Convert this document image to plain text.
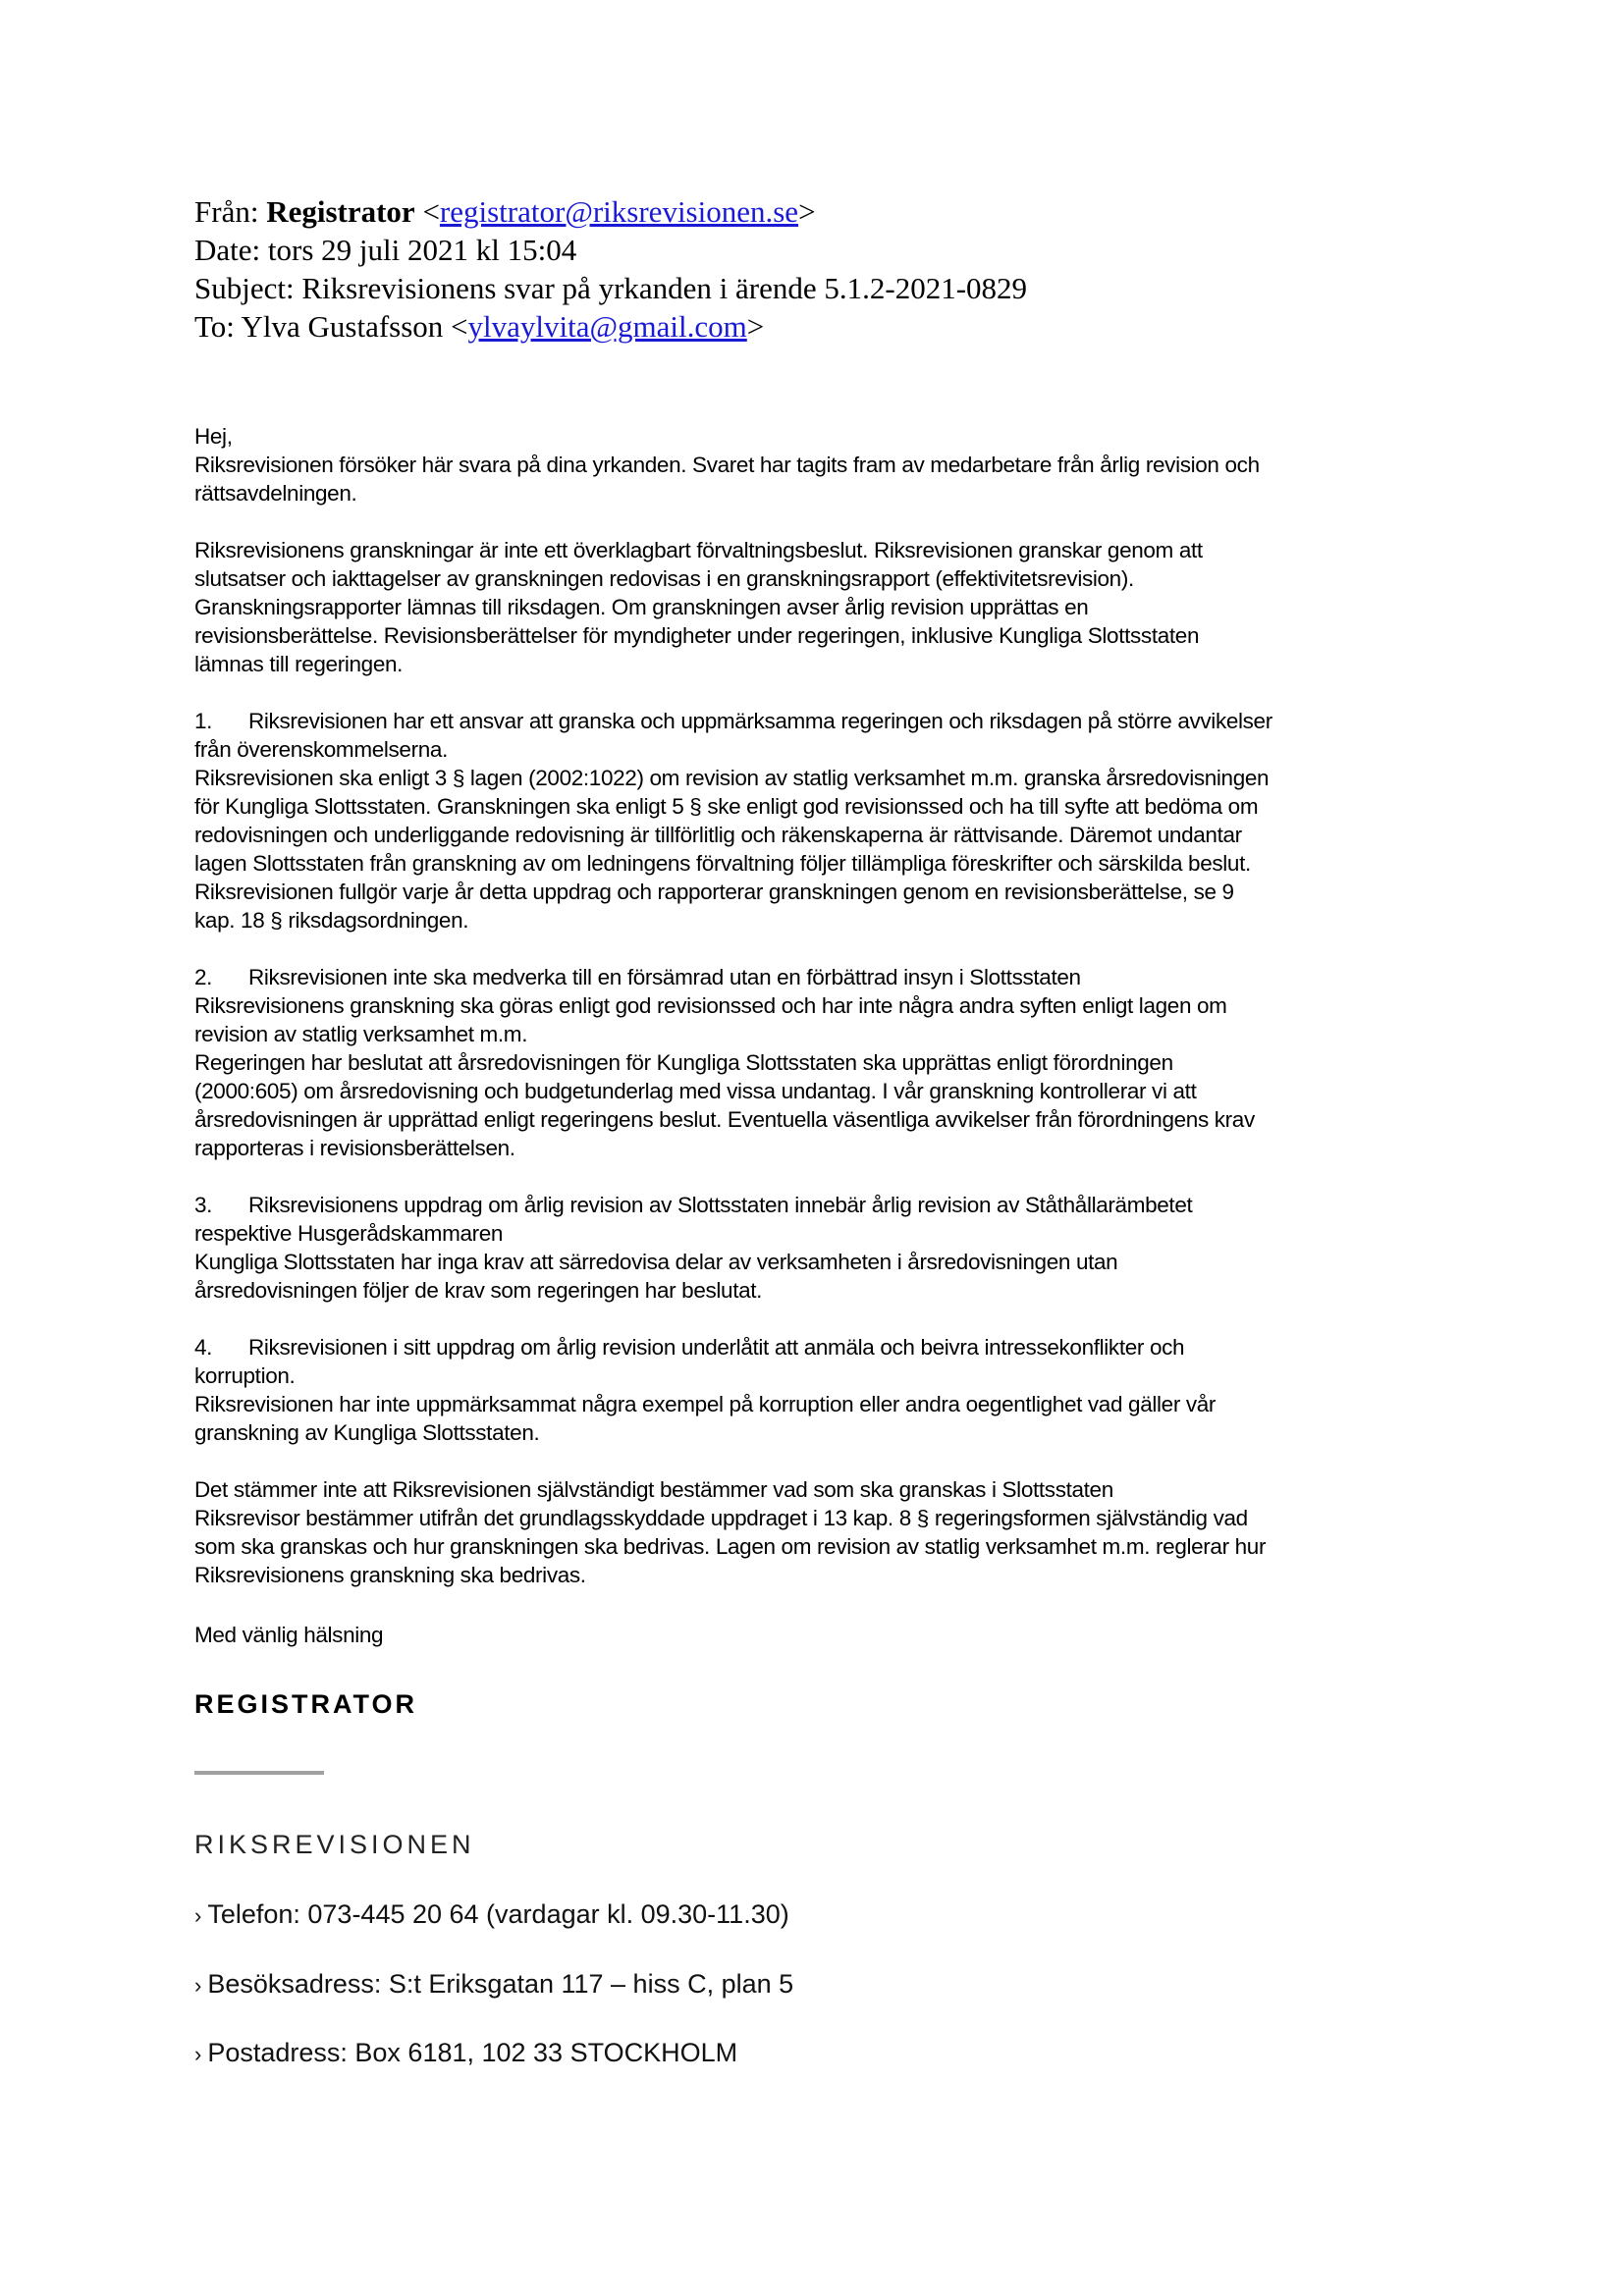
Från: Registrator <registrator@riksrevisionen.se>
Date: tors 29 juli 2021 kl 15:04
Subject: Riksrevisionens svar på yrkanden i ärende 5.1.2-2021-0829
To: Ylva Gustafsson <ylvaylvita@gmail.com>
Hej,
Riksrevisionen försöker här svara på dina yrkanden. Svaret har tagits fram av medarbetare från årlig revision och
rättsavdelningen.
Riksrevisionens granskningar är inte ett överklagbart förvaltningsbeslut. Riksrevisionen granskar genom att
slutsatser och iakttagelser av granskningen redovisas i en granskningsrapport (effektivitetsrevision).
Granskningsrapporter lämnas till riksdagen. Om granskningen avser årlig revision upprättas en
revisionsberättelse. Revisionsberättelser för myndigheter under regeringen, inklusive Kungliga Slottsstaten
lämnas till regeringen.
1. Riksrevisionen har ett ansvar att granska och uppmärksamma regeringen och riksdagen på större avvikelser
från överenskommelserna.
Riksrevisionen ska enligt 3 § lagen (2002:1022) om revision av statlig verksamhet m.m. granska årsredovisningen
för Kungliga Slottsstaten. Granskningen ska enligt 5 § ske enligt god revisionssed och ha till syfte att bedöma om
redovisningen och underliggande redovisning är tillförlitlig och räkenskaperna är rättvisande. Däremot undantar
lagen Slottsstaten från granskning av om ledningens förvaltning följer tillämpliga föreskrifter och särskilda beslut.
Riksrevisionen fullgör varje år detta uppdrag och rapporterar granskningen genom en revisionsberättelse, se 9
kap. 18 § riksdagsordningen.
2. Riksrevisionen inte ska medverka till en försämrad utan en förbättrad insyn i Slottsstaten
Riksrevisionens granskning ska göras enligt god revisionssed och har inte några andra syften enligt lagen om
revision av statlig verksamhet m.m.
Regeringen har beslutat att årsredovisningen för Kungliga Slottsstaten ska upprättas enligt förordningen
(2000:605) om årsredovisning och budgetunderlag med vissa undantag. I vår granskning kontrollerar vi att
årsredovisningen är upprättad enligt regeringens beslut. Eventuella väsentliga avvikelser från förordningens krav
rapporteras i revisionsberättelsen.
3. Riksrevisionens uppdrag om årlig revision av Slottsstaten innebär årlig revision av Ståthållarämbetet
respektive Husgerådskammaren
Kungliga Slottsstaten har inga krav att särredovisa delar av verksamheten i årsredovisningen utan
årsredovisningen följer de krav som regeringen har beslutat.
4. Riksrevisionen i sitt uppdrag om årlig revision underlåtit att anmäla och beivra intressekonflikter och
korruption.
Riksrevisionen har inte uppmärksammat några exempel på korruption eller andra oegentlighet vad gäller vår
granskning av Kungliga Slottsstaten.
Det stämmer inte att Riksrevisionen självständigt bestämmer vad som ska granskas i Slottsstaten
Riksrevisor bestämmer utifrån det grundlagsskyddade uppdraget i 13 kap. 8 § regeringsformen självständig vad
som ska granskas och hur granskningen ska bedrivas. Lagen om revision av statlig verksamhet m.m. reglerar hur
Riksrevisionens granskning ska bedrivas.
Med vänlig hälsning
REGISTRATOR
RIKSREVISIONEN
› Telefon: 073-445 20 64 (vardagar kl. 09.30-11.30)
› Besöksadress: S:t Eriksgatan 117 – hiss C, plan 5
› Postadress: Box 6181, 102 33 STOCKHOLM
